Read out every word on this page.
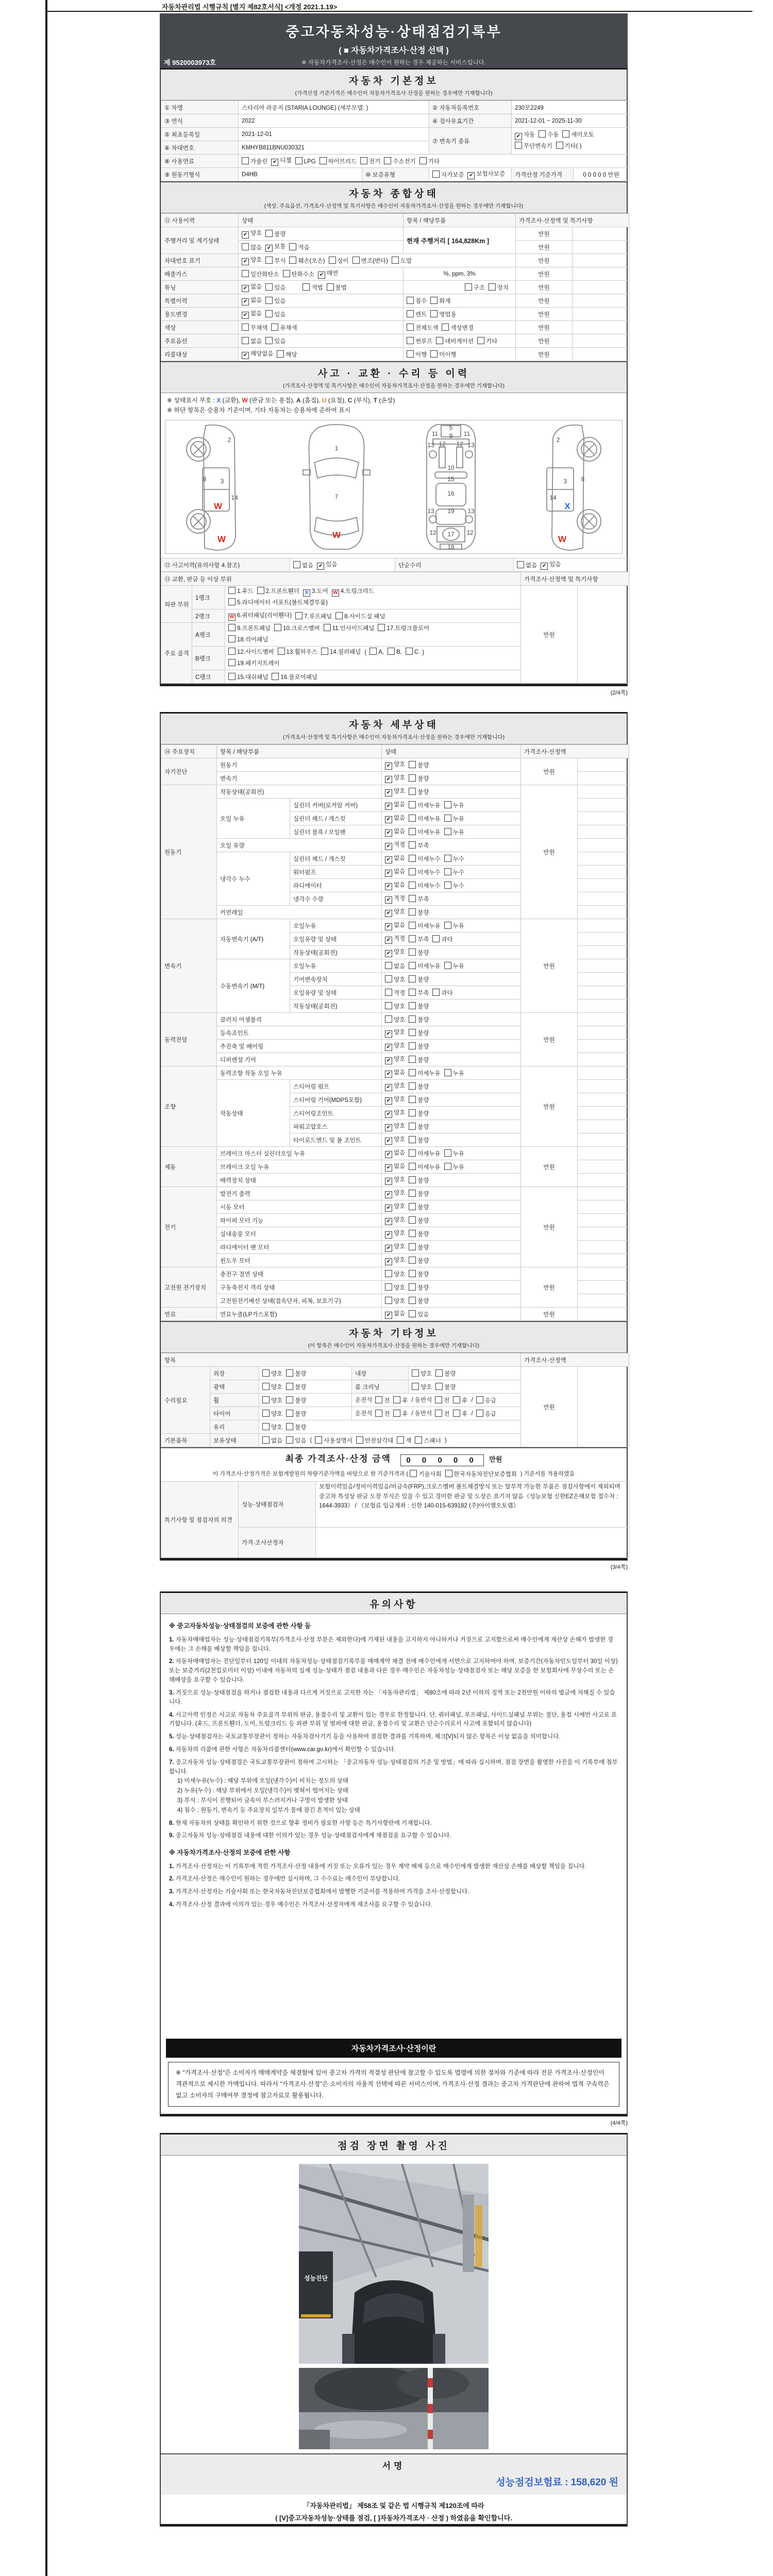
자동차관리법 시행규칙 [별지 제82호서식] <개정 2021.1.19>
중고자동차성능·상태점검기록부
( ■ 자동차가격조사·산정 선택 )
※ 자동차가격조사·산정은 매수인이 원하는 경우 제공하는 서비스입니다.
제 9520003973호
자동차 기본정보
(가격산정 기준가격은 매수인이 자동차가격조사·산정을 원하는 경우에만 기재합니다)
① 차명	스타리아 라운지 (STARIA LOUNGE) (세부모델: )		② 자동차등록번호	230모2249	
③ 연식	2022		④ 검사유효기간	2021-12-01 ~ 2025-11-30	
⑤ 최초등록일	2021-12-01		⑦ 변속기 종류	✔ 자동 수동 세미오토
무단변속기 기타( )	

⑥ 차대번호	KMHYB811BNU030321				
⑧ 사용연료	가솔린 ✔ 디젤 LPG 하이브리드 전기 수소전기 기타				
⑨ 원동기형식	D4HB	⑩ 보증유형	자가보증 ✔ 보험사보증	가격산정 기준가격	0 0 0 0 0 만원
자동차 종합상태
(색상, 주요옵션, 가격조사·산정액 및 특기사항은 매수인이 자동차가격조사·산정을 원하는 경우에만 기재합니다)
⑪ 사용이력	상태	항목 / 해당부품	가격조사·산정액 및 특기사항	
주행거리 및 계기상태	✔ 양호 불량	현재 주행거리 [ 164,828Km ]	만원	
	많음 ✔ 보통 적음		만원	
차대번호 표기	✔ 양호 부식 훼손(오손) 상이 변조(변타) 도말		만원	
배출가스	일산화탄소 탄화수소 ✔ 매연	%, ppm, 3%	만원	
튜닝	✔ 없음 있음 적법 불법	구조 장치	만원	
특별이력	✔ 없음 있음	침수 화재	만원	
용도변경	✔ 없음 있음	렌트 영업용	만원	
색상	무채색 유채색	전체도색 색상변경	만원	
주요옵션	없음 있음	썬루프 네비게이션 기타	만원	
리콜대상	✔ 해당없음 해당	이행 미이행	만원	
사고 · 교환 · 수리 등 이력
(가격조사·산정액 및 특기사항은 매수인이 자동차가격조사·산정을 원하는 경우에만 기재합니다)
※ 상태표시 부호 : X (교환), W (판금 또는 용접), A (흠집), U (요철), C (부식), T (손상)
※ 하단 항목은 승용차 기준이며, 기타 자동차는 승용차에 준하여 표시
2
8 3
14
W
W
1
7
W
5
11	11
9
13	13
12 12
10
15
16
13	13
19
12	12
17
18
2
8
3
14
X
W
⑫ 사고이력(유의사항 4.참조)	없음 ✔ 있음	단순수리	없음 ✔ 있음
⑬ 교환, 판금 등 이상 부위			가격조사·산정액 및 특기사항	
외판 부위	1랭크	1.후드 2.프론트휀더 X 3.도어 W 4.트렁크리드
5.라디에이터 서포트(볼트체결부품)	만원	
	2랭크	W 6.쿼터패널(리어휀다) 7.루프패널 8.사이드실 패널		
주요 골격	A랭크	9.프론트패널 10.크로스멤버 11.인사이드패널 17.트렁크플로어
18.리어패널		

	B랭크	12.사이드멤버 13.휠하우스 14.필러패널 ( A, B, C )
19.패키지트레이		

	C랭크	15.대쉬패널 16.플로어패널		
(2/4쪽)
자동차 세부상태
(가격조사·산정액 및 특기사항은 매수인이 자동차가격조사·산정을 원하는 경우에만 기재합니다)
⑭ 주요장치	항목 / 해당부품		상태	가격조사·산정액	
자기진단	원동기		✔ 양호 불량	만원	
	변속기		✔ 양호 불량		
원동기	작동상태(공회전)		✔ 양호 불량	만원	
	오일 누유	실린더 커버(로커암 커버)	✔ 없음 미세누유 누유		
		실린더 헤드 / 개스킷	✔ 없음 미세누유 누유		
		실린더 블록 / 오일팬	✔ 없음 미세누유 누유		
	오일 유량		✔ 적정 부족		
	냉각수 누수	실린더 헤드 / 개스킷	✔ 없음 미세누수 누수		
		워터펌프	✔ 없음 미세누수 누수		
		라디에이터	✔ 없음 미세누수 누수		
		냉각수 수량	✔ 적정 부족		
	커먼레일		✔ 양호 불량		
변속기	자동변속기 (A/T)	오일누유	✔ 없음 미세누유 누유	만원	
		오일유량 및 상태	✔ 적정 부족 과다		
		작동상태(공회전)	✔ 양호 불량		
	수동변속기 (M/T)	오일누유	없음 미세누유 누유		
		기어변속장치	양호 불량		
		오일유량 및 상태	적정 부족 과다		
		작동상태(공회전)	양호 불량		
동력전달	클러치 어셈블리		양호 불량	만원	
	등속죠인트		✔ 양호 불량		
	추진축 및 베어링		✔ 양호 불량		
	디퍼렌셜 기어		✔ 양호 불량		
조향	동력조향 작동 오일 누유		✔ 없음 미세누유 누유	만원	
	작동상태	스티어링 펌프	✔ 양호 불량		
		스티어링 기어(MDPS포함)	✔ 양호 불량		
		스티어링조인트	✔ 양호 불량		
		파워고압호스	✔ 양호 불량		
		타이로드엔드 및 볼 조인트	✔ 양호 불량		
제동	브레이크 마스터 실린더오일 누유		✔ 없음 미세누유 누유	만원	
	브레이크 오일 누유		✔ 없음 미세누유 누유		
	배력장치 상태		✔ 양호 불량		
전기	발전기 출력		✔ 양호 불량	만원	
	시동 모터		✔ 양호 불량		
	와이퍼 모터 기능		✔ 양호 불량		
	실내송풍 모터		✔ 양호 불량		
	라디에이터 팬 모터		✔ 양호 불량		
	윈도우 모터		✔ 양호 불량		
고전원 전기장치	충전구 절연 상태		양호 불량	만원	
	구동축전지 격리 상태		양호 불량		
	고전원전기배선 상태(접속단자, 피복, 보호기구)		양호 불량		
연료	연료누출(LP가스포함)		✔ 없음 있음	만원	
자동차 기타정보
(이 항목은 매수인이 자동차가격조사·산정을 원하는 경우에만 기재합니다)
항목					가격조사·산정액	
수리필요	외장	양호 불량	내장	양호 불량	만원	
	광택	양호 불량	룸 크리닝	양호 불량		
	휠	양호 불량	운전석 전 후 / 동반석 전 후 / 응급			
	타이어	양호 불량	운전석 전 후 / 동반석 전 후 / 응급			
	유리	양호 불량				
기본품목	보유상태	없음 있음 ( 사용설명서 안전삼각대 잭 스패너 )				
최종 가격조사·산정 금액 0 0 0 0 0 만원
이 가격조사·산정가격은 보험개발원의 차량기준가액을 바탕으로 한 기준가격과 ( 기술사회 한국자동차진단보증협회 ) 기준서를 적용하였음
특기사항 및 점검자의 의견	성능·상태점검자	보험이력있음/정비이력있음/비금속(FRP),크로스멤버 볼트체결방식 또는 탈부착 가능한 부품은 점검사항에서 제외되며 중고차 특성상 판금 도장 부식은 있을 수 있고 경미한 판금 및 도장은 표기치 않음《성능보험 신한EZ손해보험 접수처 : 1644-3933》 / 《보험료 입금계좌 : 신한 140-015-639182 (주)아이엠오토랩》
	가격·조사산정자	
(3/4쪽)
유의사항
※ 중고자동차성능·상태점검의 보증에 관한 사항 등
1. 자동차매매업자는 성능·상태점검기록부(가격조사·산정 부분은 제외한다)에 기재된 내용을 고지하지 아니하거나 거짓으로 고지함으로써 매수인에게 재산상 손해가 발생한 경우에는 그 손해를 배상할 책임을 집니다.
2. 자동차매매업자는 진단일부터 120일 이내의 자동차성능·상태점검기록부를 매매계약 체결 전에 매수인에게 서면으로 고지하여야 하며, 보증기간(자동차인도일부터 30일 이상) 또는 보증거리(2천킬로미터 이상) 이내에 자동차의 실제 성능·상태가 점검 내용과 다른 경우 매수인은 자동차성능·상태점검자 또는 해당 보증을 한 보험회사에 무상수리 또는 손해배상을 요구할 수 있습니다.
3. 거짓으로 성능·상태점검을 하거나 점검한 내용과 다르게 거짓으로 고지한 자는 「자동차관리법」 제80조에 따라 2년 이하의 징역 또는 2천만원 이하의 벌금에 처해질 수 있습니다.
4. 사고이력 인정은 사고로 자동차 주요골격 부위의 판금, 용접수리 및 교환이 있는 경우로 한정합니다. 단, 쿼터패널, 루프패널, 사이드실패널 부위는 절단, 용접 시에만 사고로 표기합니다. (후드, 프론트휀더, 도어, 트렁크리드 등 외판 부위 및 범퍼에 대한 판금, 용접수리 및 교환은 단순수리로서 사고에 포함되지 않습니다)
5. 성능·상태점검자는 국토교통부장관이 정하는 자동차검사기기 등을 사용하여 점검한 결과를 기록하며, 체크[V]되지 않은 항목은 이상 없음을 의미합니다.
6. 자동차의 리콜에 관한 사항은 자동차리콜센터(www.car.go.kr)에서 확인할 수 있습니다.
7. 중고자동차 성능·상태점검은 국토교통부장관이 정하여 고시하는 「중고자동차 성능·상태점검의 기준 및 방법」에 따라 실시하며, 점검 장면을 촬영한 사진을 이 기록부에 첨부합니다.
1) 미세누유(누수) : 해당 부위에 오일(냉각수)이 비치는 정도의 상태
2) 누유(누수) : 해당 부위에서 오일(냉각수)이 맺혀서 떨어지는 상태
3) 부식 : 부식이 진행되어 금속이 부스러지거나 구멍이 발생한 상태
4) 침수 : 원동기, 변속기 등 주요장치 일부가 물에 잠긴 흔적이 있는 상태
8. 현재 자동차의 상태를 확인하기 위한 것으로 향후 정비가 필요한 사항 등은 특기사항란에 기재합니다.
9. 중고자동차 성능·상태점검 내용에 대한 이의가 있는 경우 성능·상태점검자에게 재점검을 요구할 수 있습니다.
※ 자동차가격조사·산정의 보증에 관한 사항
1. 가격조사·산정자는 이 기록부에 적힌 가격조사·산정 내용에 거짓 또는 오류가 있는 경우 계약 해제 등으로 매수인에게 발생한 재산상 손해를 배상할 책임을 집니다.
2. 가격조사·산정은 매수인이 원하는 경우에만 실시하며, 그 수수료는 매수인이 부담합니다.
3. 가격조사·산정자는 기술사회 또는 한국자동차진단보증협회에서 발행한 기준서를 적용하여 가격을 조사·산정합니다.
4. 가격조사·산정 결과에 이의가 있는 경우 매수인은 가격조사·산정자에게 재조사를 요구할 수 있습니다.
자동차가격조사·산정이란
※ "가격조사·산정"은 소비자가 매매계약을 체결함에 있어 중고차 가격의 적절성 판단에 참고할 수 있도록 법령에 의한 절차와 기준에 따라 전문 가격조사·산정인이 객관적으로 제시한 가액입니다. 따라서 "가격조사·산정"은 소비자의 자율적 선택에 따른 서비스이며, 가격조사·산정 결과는 중고차 가격판단에 관하여 법적 구속력은 없고 소비자의 구매여부 결정에 참고자료로 활용됩니다.
(4/4쪽)
점검 장면 촬영 사진
성능진단
서명
성능점검보험료 : 158,620 원
「자동차관리법」 제58조 및 같은 법 시행규칙 제120조에 따라
( [V]중고자동차성능·상태를 점검, [ ]자동차가격조사 · 산정 ) 하였음을 확인합니다.
